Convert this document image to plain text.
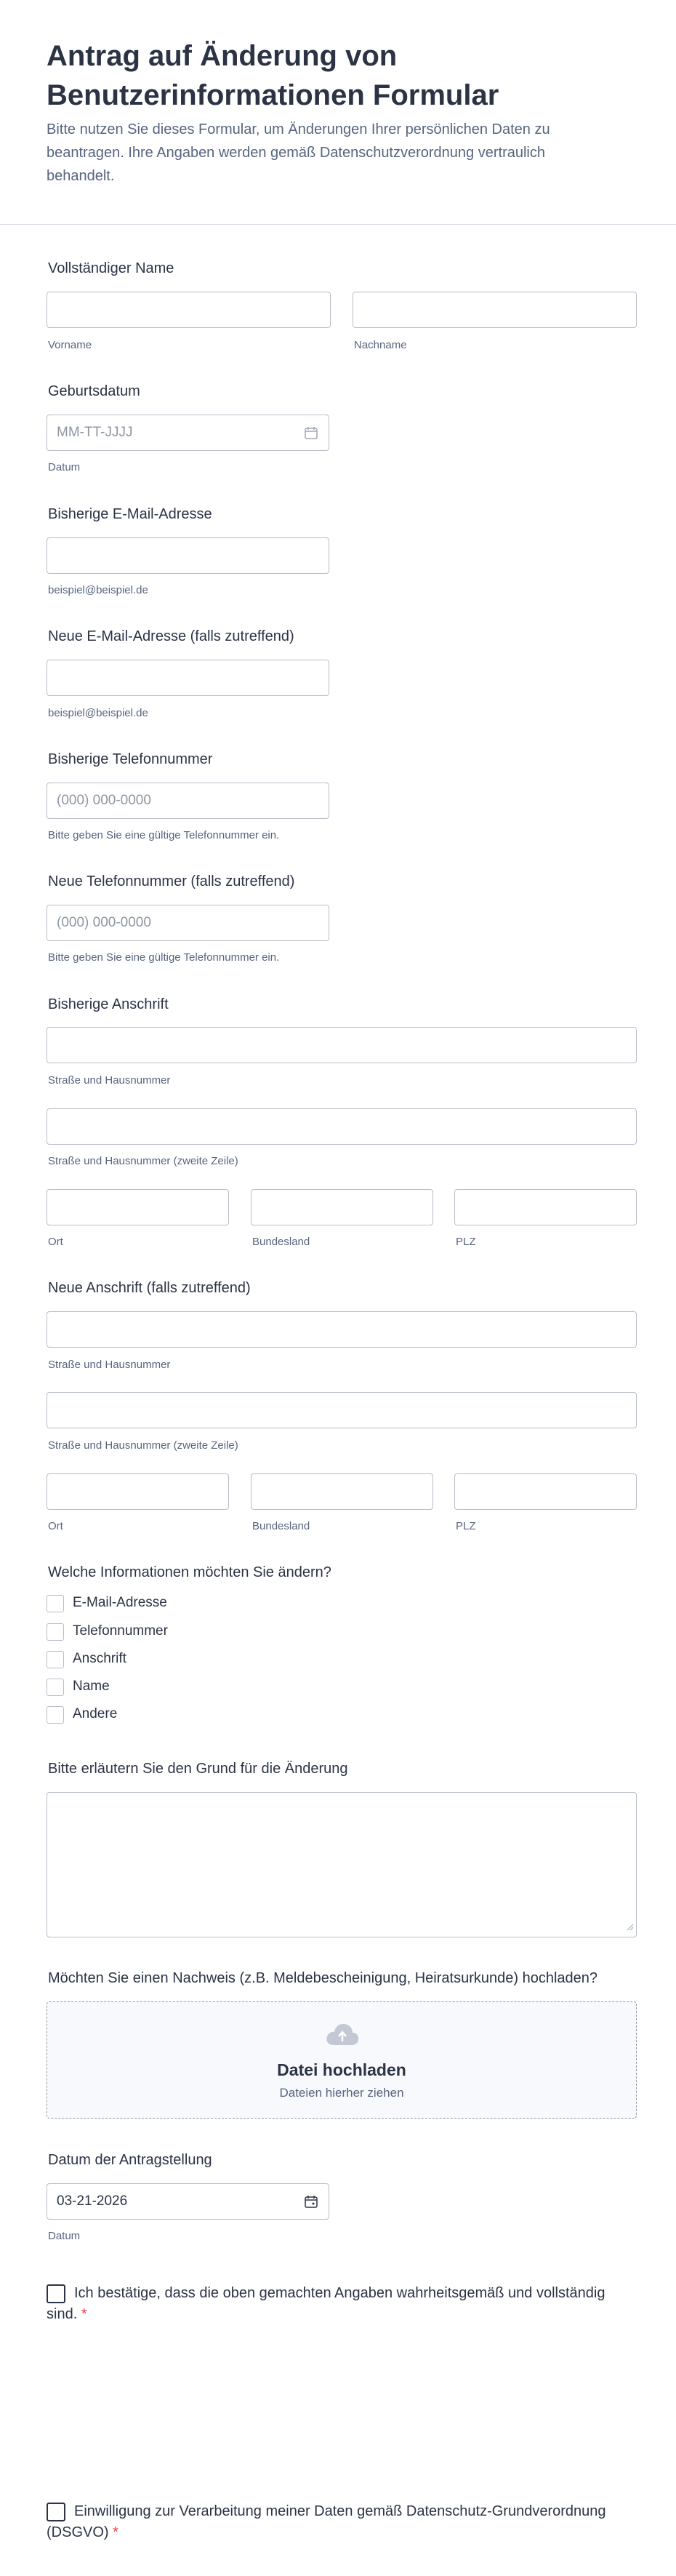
Antrag auf Änderung von Benutzerinformationen Formular

Bitte nutzen Sie dieses Formular, um Änderungen Ihrer persönlichen Daten zu beantragen. Ihre Angaben werden gemäß Datenschutzverordnung vertraulich behandelt.

Vollständiger Name
Vorname	Nachname
Geburtsdatum
MM-TT-JJJJ
Datum
Bisherige E-Mail-Adresse
beispiel@beispiel.de
Neue E-Mail-Adresse (falls zutreffend)
beispiel@beispiel.de
Bisherige Telefonnummer
(000) 000-0000
Bitte geben Sie eine gültige Telefonnummer ein.
Neue Telefonnummer (falls zutreffend)
(000) 000-0000
Bitte geben Sie eine gültige Telefonnummer ein.
Bisherige Anschrift
Straße und Hausnummer
Straße und Hausnummer (zweite Zeile)
Ort	Bundesland	PLZ
Neue Anschrift (falls zutreffend)
Straße und Hausnummer
Straße und Hausnummer (zweite Zeile)
Ort	Bundesland	PLZ
Welche Informationen möchten Sie ändern?
E-Mail-Adresse
Telefonnummer
Anschrift
Name
Andere
Bitte erläutern Sie den Grund für die Änderung
Möchten Sie einen Nachweis (z.B. Meldebescheinigung, Heiratsurkunde) hochladen?
Datei hochladen
Dateien hierher ziehen
Datum der Antragstellung
03-21-2026
Datum
Ich bestätige, dass die oben gemachten Angaben wahrheitsgemäß und vollständig sind. *
Einwilligung zur Verarbeitung meiner Daten gemäß Datenschutz-Grundverordnung (DSGVO) *
